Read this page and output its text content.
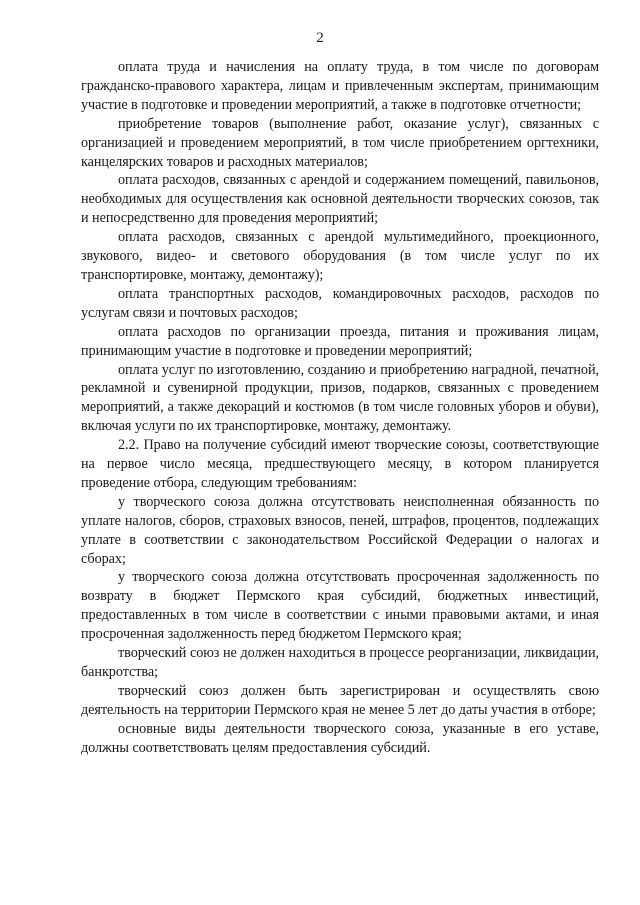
2

оплата труда и начисления на оплату труда, в том числе по договорам гражданско-правового характера, лицам и привлеченным экспертам, принимающим участие в подготовке и проведении мероприятий, а также в подготовке отчетности;

приобретение товаров (выполнение работ, оказание услуг), связанных с организацией и проведением мероприятий, в том числе приобретением оргтехники, канцелярских товаров и расходных материалов;

оплата расходов, связанных с арендой и содержанием помещений, павильонов, необходимых для осуществления как основной деятельности творческих союзов, так и непосредственно для проведения мероприятий;

оплата расходов, связанных с арендой мультимедийного, проекционного, звукового, видео- и светового оборудования (в том числе услуг по их транспортировке, монтажу, демонтажу);

оплата транспортных расходов, командировочных расходов, расходов по услугам связи и почтовых расходов;

оплата расходов по организации проезда, питания и проживания лицам, принимающим участие в подготовке и проведении мероприятий;

оплата услуг по изготовлению, созданию и приобретению наградной, печатной, рекламной и сувенирной продукции, призов, подарков, связанных с проведением мероприятий, а также декораций и костюмов (в том числе головных уборов и обуви), включая услуги по их транспортировке, монтажу, демонтажу.

2.2. Право на получение субсидий имеют творческие союзы, соответствующие на первое число месяца, предшествующего месяцу, в котором планируется проведение отбора, следующим требованиям:

у творческого союза должна отсутствовать неисполненная обязанность по уплате налогов, сборов, страховых взносов, пеней, штрафов, процентов, подлежащих уплате в соответствии с законодательством Российской Федерации о налогах и сборах;

у творческого союза должна отсутствовать просроченная задолженность по возврату в бюджет Пермского края субсидий, бюджетных инвестиций, предоставленных в том числе в соответствии с иными правовыми актами, и иная просроченная задолженность перед бюджетом Пермского края;

творческий союз не должен находиться в процессе реорганизации, ликвидации, банкротства;

творческий союз должен быть зарегистрирован и осуществлять свою деятельность на территории Пермского края не менее 5 лет до даты участия в отборе;

основные виды деятельности творческого союза, указанные в его уставе, должны соответствовать целям предоставления субсидий.
